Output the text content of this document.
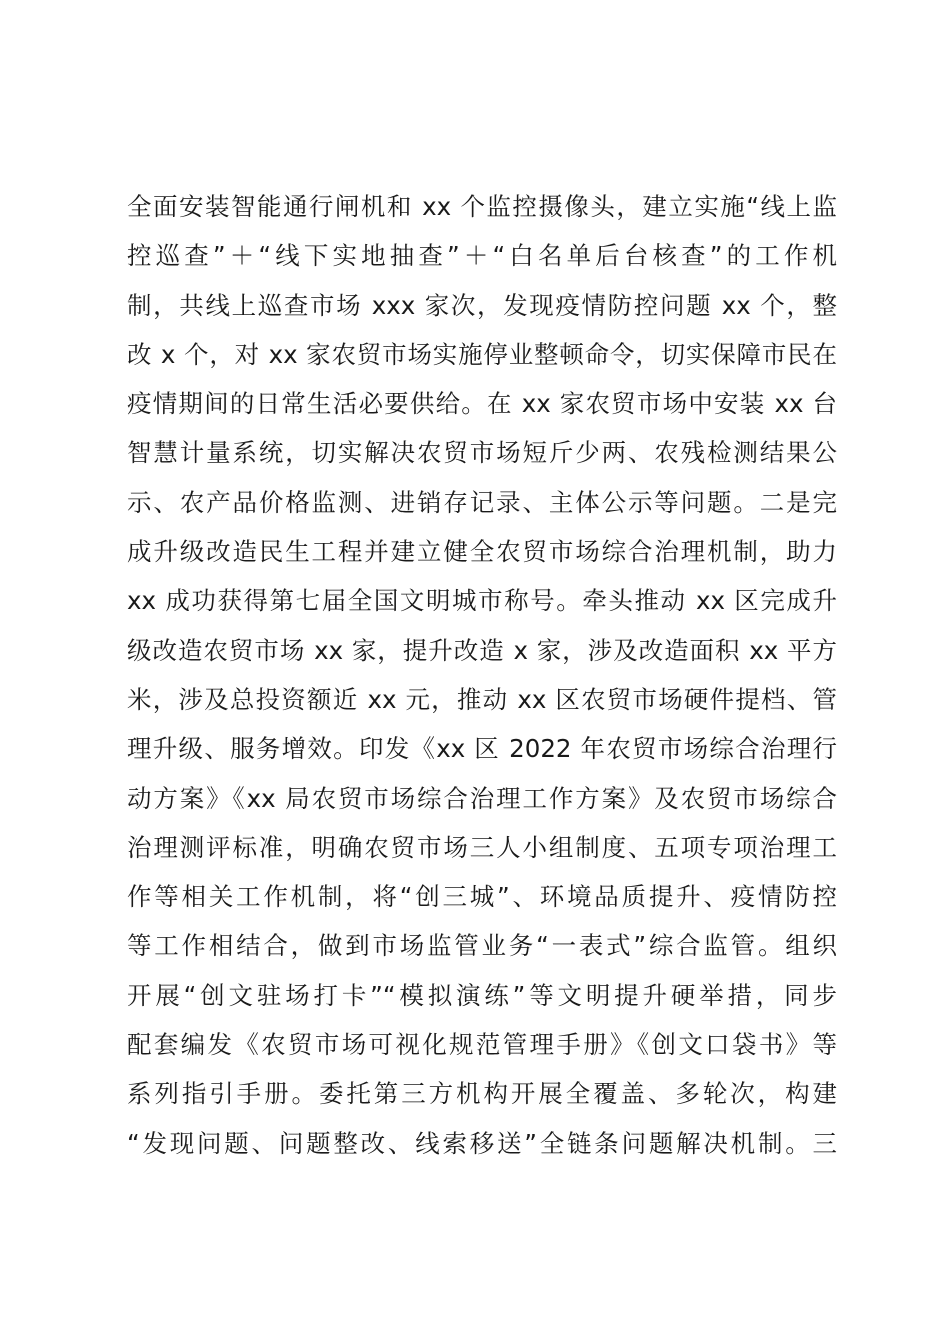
全面安装智能通行闸机和 xx 个监控摄像头，建立实施“线上监
控巡查”＋“线下实地抽查”＋“白名单后台核查”的工作机
制，共线上巡查市场 xxx 家次，发现疫情防控问题 xx 个，整
改 x 个，对 xx 家农贸市场实施停业整顿命令，切实保障市民在
疫情期间的日常生活必要供给。在 xx 家农贸市场中安装 xx 台
智慧计量系统，切实解决农贸市场短斤少两、农残检测结果公
示、农产品价格监测、进销存记录、主体公示等问题。二是完
成升级改造民生工程并建立健全农贸市场综合治理机制，助力
xx 成功获得第七届全国文明城市称号。牵头推动 xx 区完成升
级改造农贸市场 xx 家，提升改造 x 家，涉及改造面积 xx 平方
米，涉及总投资额近 xx 元，推动 xx 区农贸市场硬件提档、管
理升级、服务增效。印发《xx 区 2022 年农贸市场综合治理行
动方案》《xx 局农贸市场综合治理工作方案》及农贸市场综合
治理测评标准，明确农贸市场三人小组制度、五项专项治理工
作等相关工作机制，将“创三城”、环境品质提升、疫情防控
等工作相结合，做到市场监管业务“一表式”综合监管。组织
开展“创文驻场打卡”“模拟演练”等文明提升硬举措，同步
配套编发《农贸市场可视化规范管理手册》《创文口袋书》等
系列指引手册。委托第三方机构开展全覆盖、多轮次，构建
“发现问题、问题整改、线索移送”全链条问题解决机制。三
